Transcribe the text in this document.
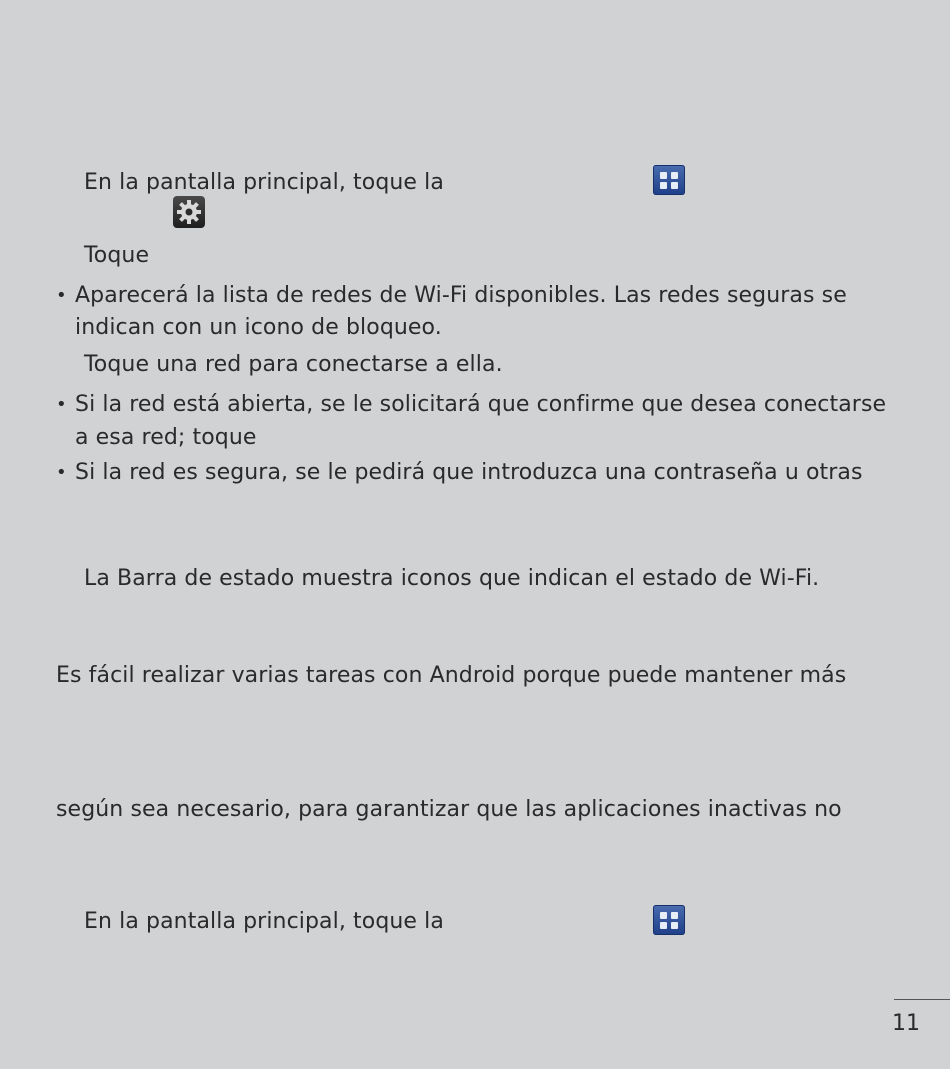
En la pantalla principal, toque la
Toque
• Aparecerá la lista de redes de Wi-Fi disponibles. Las redes seguras se
indican con un icono de bloqueo.
Toque una red para conectarse a ella.
• Si la red está abierta, se le solicitará que confirme que desea conectarse
a esa red; toque
• Si la red es segura, se le pedirá que introduzca una contraseña u otras
La Barra de estado muestra iconos que indican el estado de Wi-Fi.
Es fácil realizar varias tareas con Android porque puede mantener más
según sea necesario, para garantizar que las aplicaciones inactivas no
En la pantalla principal, toque la
11
